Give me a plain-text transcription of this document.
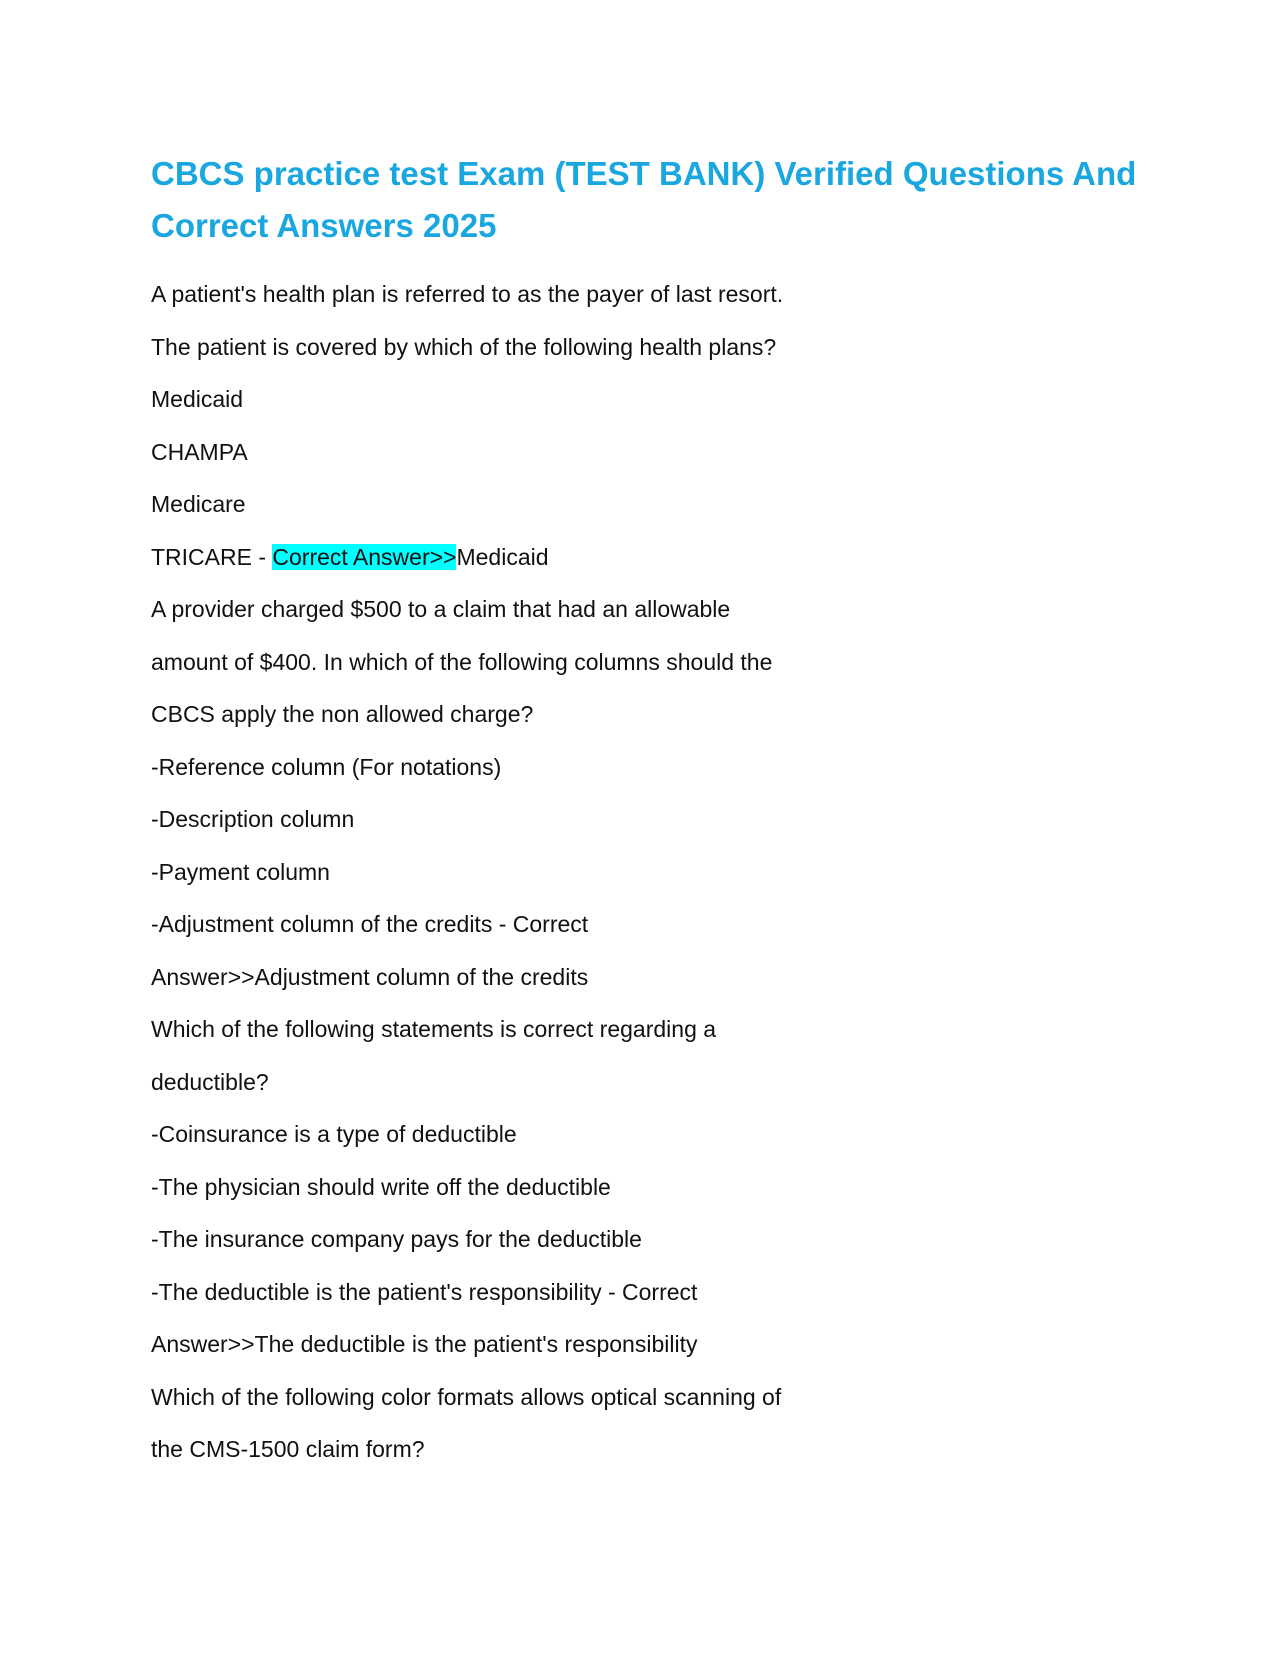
CBCS practice test Exam (TEST BANK) Verified Questions And Correct Answers 2025
A patient's health plan is referred to as the payer of last resort.
The patient is covered by which of the following health plans?
Medicaid
CHAMPA
Medicare
TRICARE - Correct Answer>>Medicaid
A provider charged $500 to a claim that had an allowable
amount of $400. In which of the following columns should the
CBCS apply the non allowed charge?
-Reference column (For notations)
-Description column
-Payment column
-Adjustment column of the credits - Correct
Answer>>Adjustment column of the credits
Which of the following statements is correct regarding a
deductible?
-Coinsurance is a type of deductible
-The physician should write off the deductible
-The insurance company pays for the deductible
-The deductible is the patient's responsibility - Correct
Answer>>The deductible is the patient's responsibility
Which of the following color formats allows optical scanning of
the CMS-1500 claim form?
